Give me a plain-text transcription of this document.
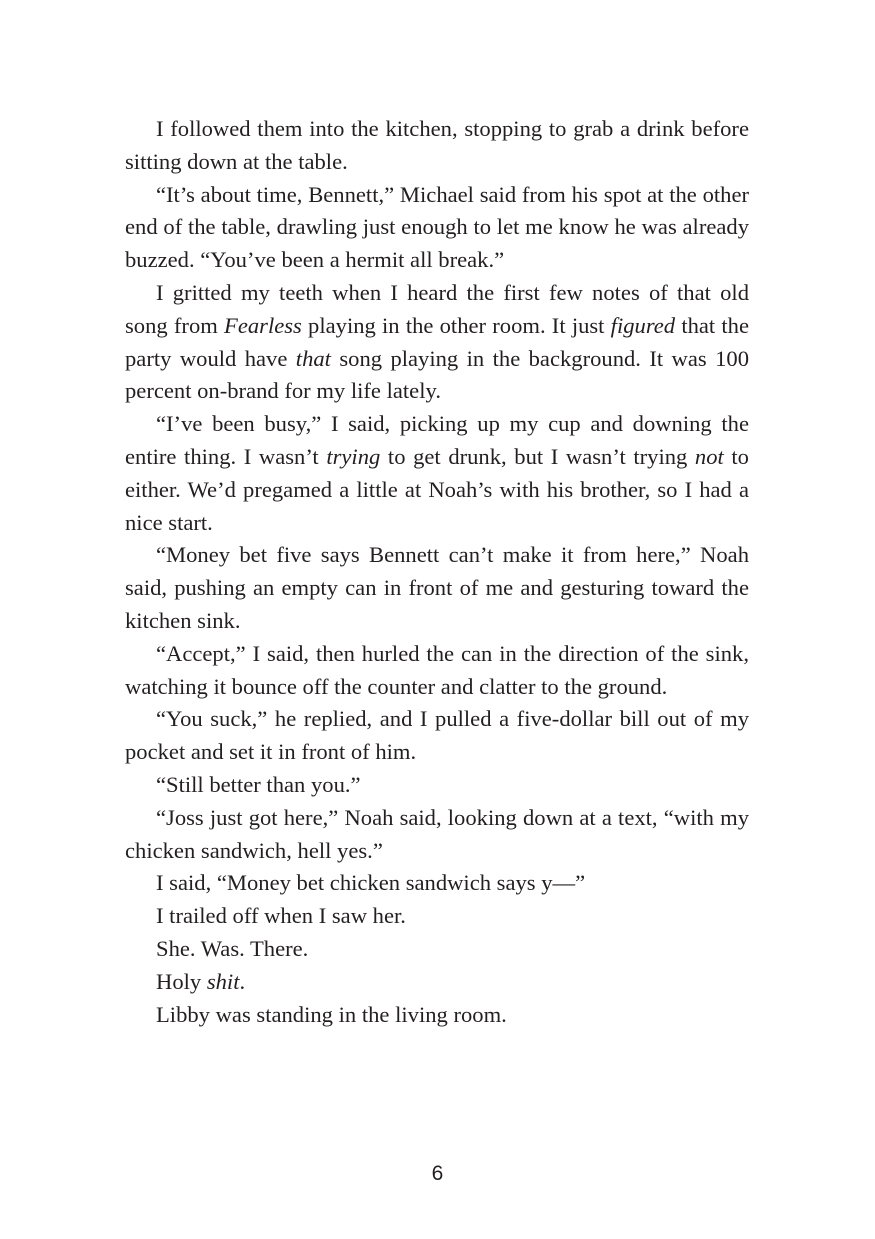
I followed them into the kitchen, stopping to grab a drink before sitting down at the table.

“It’s about time, Bennett,” Michael said from his spot at the other end of the table, drawling just enough to let me know he was already buzzed. “You’ve been a hermit all break.”

I gritted my teeth when I heard the first few notes of that old song from Fearless playing in the other room. It just figured that the party would have that song playing in the background. It was 100 percent on-brand for my life lately.

“I’ve been busy,” I said, picking up my cup and downing the entire thing. I wasn’t trying to get drunk, but I wasn’t trying not to either. We’d pregamed a little at Noah’s with his brother, so I had a nice start.

“Money bet five says Bennett can’t make it from here,” Noah said, pushing an empty can in front of me and gesturing toward the kitchen sink.

“Accept,” I said, then hurled the can in the direction of the sink, watching it bounce off the counter and clatter to the ground.

“You suck,” he replied, and I pulled a five-dollar bill out of my pocket and set it in front of him.

“Still better than you.”

“Joss just got here,” Noah said, looking down at a text, “with my chicken sandwich, hell yes.”

I said, “Money bet chicken sandwich says y—”

I trailed off when I saw her.

She. Was. There.

Holy shit.

Libby was standing in the living room.

6
